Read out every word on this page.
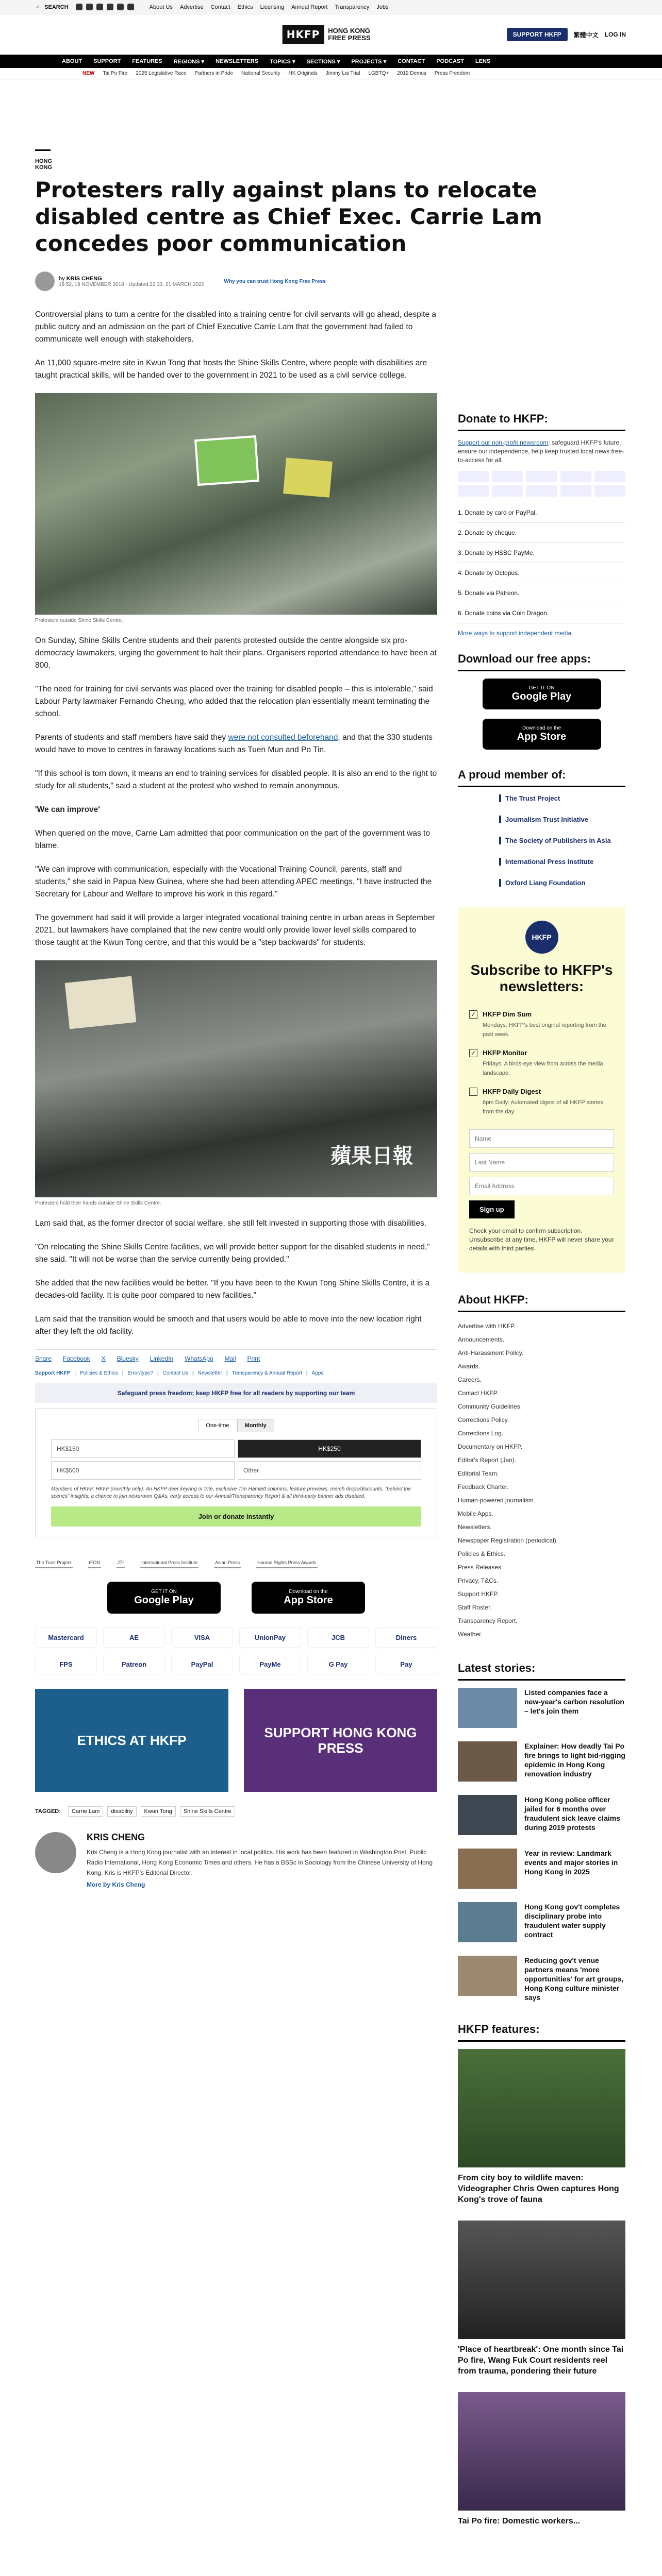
⌕ SEARCH	About Us Advertise Contact Ethics Licensing Annual Report Transparency Jobs
HKFP	HONG KONG FREE PRESS	SUPPORT HKFP	繁體中文 LOG IN
ABOUT SUPPORT FEATURES REGIONS ▾ NEWSLETTERS TOPICS ▾ SECTIONS ▾ PROJECTS ▾ CONTACT PODCAST LENS
NEW Tai Po Fire 2025 Legislative Race Partners in Pride National Security HK Originals Jimmy Lai Trial LGBTQ+ 2019 Demos Press Freedom
HONG KONG
Protesters rally against plans to relocate disabled centre as Chief Exec. Carrie Lam concedes poor communication
by KRIS CHENG
18:52, 19 NOVEMBER 2018 · Updated 22:33, 21 MARCH 2020
Why you can trust Hong Kong Free Press

Controversial plans to turn a centre for the disabled into a training centre for civil servants will go ahead, despite a public outcry and an admission on the part of Chief Executive Carrie Lam that the government had failed to communicate well enough with stakeholders.

An 11,000 square-metre site in Kwun Tong that hosts the Shine Skills Centre, where people with disabilities are taught practical skills, will be handed over to the government in 2021 to be used as a civil service college.

Protesters outside Shine Skills Centre.

On Sunday, Shine Skills Centre students and their parents protested outside the centre alongside six pro-democracy lawmakers, urging the government to halt their plans. Organisers reported attendance to have been at 800.

"The need for training for civil servants was placed over the training for disabled people – this is intolerable," said Labour Party lawmaker Fernando Cheung, who added that the relocation plan essentially meant terminating the school.

Parents of students and staff members have said they were not consulted beforehand, and that the 330 students would have to move to centres in faraway locations such as Tuen Mun and Po Tin.

"If this school is torn down, it means an end to training services for disabled people. It is also an end to the right to study for all students," said a student at the protest who wished to remain anonymous.

'We can improve'

When queried on the move, Carrie Lam admitted that poor communication on the part of the government was to blame.

"We can improve with communication, especially with the Vocational Training Council, parents, staff and students," she said in Papua New Guinea, where she had been attending APEC meetings. "I have instructed the Secretary for Labour and Welfare to improve his work in this regard."

The government had said it will provide a larger integrated vocational training centre in urban areas in September 2021, but lawmakers have complained that the new centre would only provide lower level skills compared to those taught at the Kwun Tong centre, and that this would be a "step backwards" for students.

蘋果日報
Protesters hold their hands outside Shine Skills Centre.

Lam said that, as the former director of social welfare, she still felt invested in supporting those with disabilities.

"On relocating the Shine Skills Centre facilities, we will provide better support for the disabled students in need," she said. "It will not be worse than the service currently being provided."

She added that the new facilities would be better. "If you have been to the Kwun Tong Shine Skills Centre, it is a decades-old facility. It is quite poor compared to new facilities."

Lam said that the transition would be smooth and that users would be able to move into the new location right after they left the old facility.

Share Facebook X Bluesky LinkedIn WhatsApp Mail Print
Support HKFP | Policies & Ethics | Error/typo? | Contact Us | Newsletter | Transparency & Annual Report | Apps
Safeguard press freedom; keep HKFP free for all readers by supporting our team
One-time	Monthly
HK$150	HK$250
HK$500	Other
Members of HKFP. HKFP (monthly only): An HKFP deer keyring or tote, exclusive Tim Hamlett columns, feature previews, merch drops/discounts, "behind the scenes" insights; a chance to join newsroom Q&As, early access to our Annual/Transparency Report & all third-party banner ads disabled.
Join or donate instantly
The Trust Project	IFCN	JTI	International Press Institute	Asian Press	Human Rights Press Awards
GET IT ON
Google Play
Download on the
App Store
Mastercard	AE	VISA	UnionPay	JCB	Diners
FPS	Patreon	PayPal	PayMe	G Pay	Pay
ETHICS AT HKFP	SUPPORT HONG KONG PRESS
TAGGED:	Carrie Lam	disability	Kwun Tong	Shine Skills Centre
KRIS CHENG

Kris Cheng is a Hong Kong journalist with an interest in local politics. His work has been featured in Washington Post, Public Radio International, Hong Kong Economic Times and others. He has a BSSc in Sociology from the Chinese University of Hong Kong. Kris is HKFP's Editorial Director.

More by Kris Cheng
Donate to HKFP:
Support our non-profit newsroom: safeguard HKFP's future, ensure our independence, help keep trusted local news free-to-access for all.
1. Donate by card or PayPal.
2. Donate by cheque.
3. Donate by HSBC PayMe.
4. Donate by Octopus.
5. Donate via Patreon.
6. Donate coins via Coin Dragon.
More ways to support independent media.
Download our free apps:
GET IT ON
Google Play
Download on the
App Store
A proud member of:
The Trust Project
Journalism Trust Initiative
The Society of Publishers in Asia
International Press Institute
Oxford Liang Foundation
HKFP
Subscribe to HKFP's newsletters:
✓ HKFP Dim Sum
Mondays: HKFP's best original reporting from the past week.
✓ HKFP Monitor
Fridays: A birds-eye view from across the media landscape.
HKFP Daily Digest
6pm Daily: Automated digest of all HKFP stories from the day.
Name
Last Name
Email Address
Sign up
Check your email to confirm subscription. Unsubscribe at any time. HKFP will never share your details with third parties.
About HKFP:
Advertise with HKFP.
Announcements.
Anti-Harassment Policy.
Awards.
Careers.
Contact HKFP.
Community Guidelines.
Corrections Policy.
Corrections Log.
Documentary on HKFP.
Editor's Report (Jan).
Editorial Team.
Feedback Charter.
Human-powered journalism.
Mobile Apps.
Newsletters.
Newspaper Registration (periodical).
Policies & Ethics.
Press Releases.
Privacy, T&Cs.
Support HKFP.
Staff Roster.
Transparency Report.
Weather.
Latest stories:

Listed companies face a new-year's carbon resolution – let's join them

Explainer: How deadly Tai Po fire brings to light bid-rigging epidemic in Hong Kong renovation industry

Hong Kong police officer jailed for 6 months over fraudulent sick leave claims during 2019 protests

Year in review: Landmark events and major stories in Hong Kong in 2025

Hong Kong gov't completes disciplinary probe into fraudulent water supply contract

Reducing gov't venue partners means 'more opportunities' for art groups, Hong Kong culture minister says

HKFP features:

From city boy to wildlife maven: Videographer Chris Owen captures Hong Kong's trove of fauna

'Place of heartbreak': One month since Tai Po fire, Wang Fuk Court residents reel from trauma, pondering their future

Tai Po fire: Domestic workers...
